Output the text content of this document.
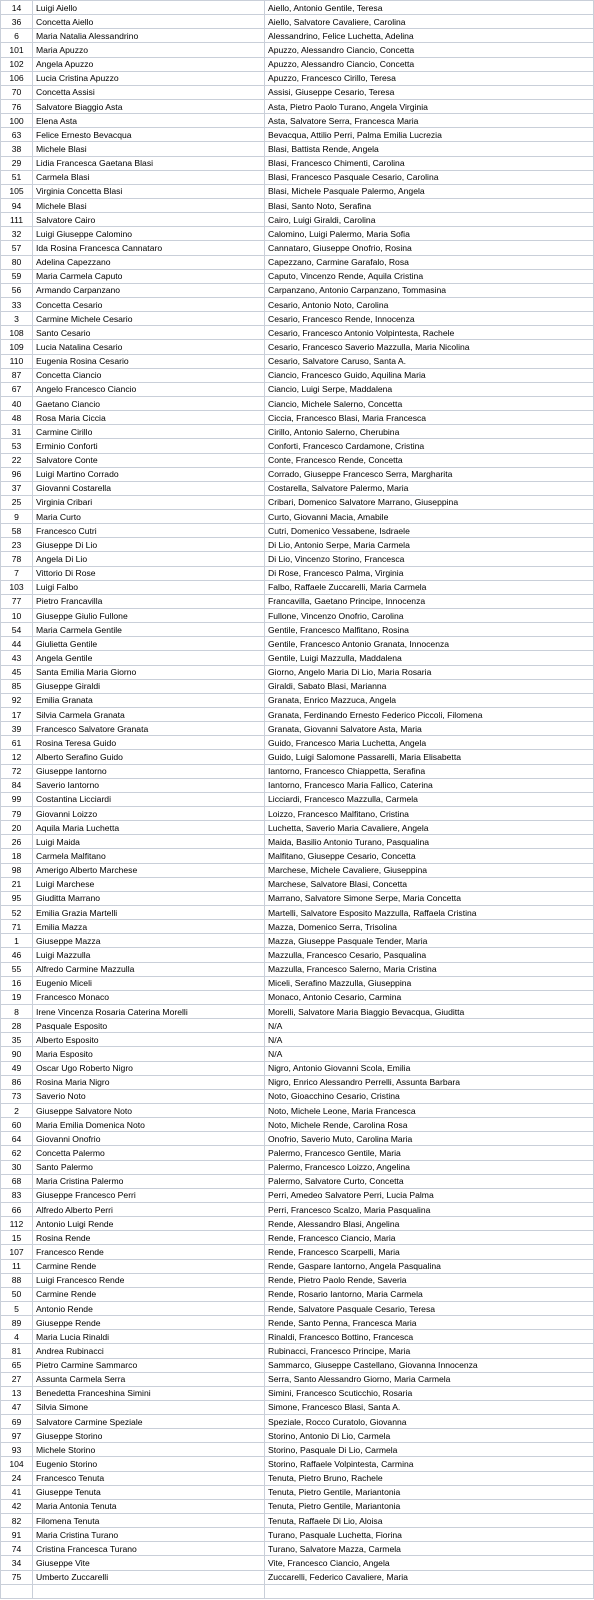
14	Luigi Aiello	Aiello, Antonio Gentile, Teresa
36	Concetta Aiello	Aiello, Salvatore Cavaliere, Carolina
6	Maria Natalia Alessandrino	Alessandrino, Felice Luchetta, Adelina
101	Maria Apuzzo	Apuzzo, Alessandro Ciancio, Concetta
102	Angela Apuzzo	Apuzzo, Alessandro Ciancio, Concetta
106	Lucia Cristina Apuzzo	Apuzzo, Francesco Cirillo, Teresa
70	Concetta Assisi	Assisi, Giuseppe Cesario, Teresa
76	Salvatore Biaggio Asta	Asta, Pietro Paolo Turano, Angela Virginia
100	Elena Asta	Asta, Salvatore Serra, Francesca Maria
63	Felice Ernesto Bevacqua	Bevacqua, Attilio Perri, Palma Emilia Lucrezia
38	Michele Blasi	Blasi, Battista Rende, Angela
29	Lidia Francesca Gaetana Blasi	Blasi, Francesco Chimenti, Carolina
51	Carmela Blasi	Blasi, Francesco Pasquale Cesario, Carolina
105	Virginia Concetta Blasi	Blasi, Michele Pasquale Palermo, Angela
94	Michele Blasi	Blasi, Santo Noto, Serafina
111	Salvatore Cairo	Cairo, Luigi Giraldi, Carolina
32	Luigi Giuseppe Calomino	Calomino, Luigi Palermo, Maria Sofia
57	Ida Rosina Francesca Cannataro	Cannataro, Giuseppe Onofrio, Rosina
80	Adelina Capezzano	Capezzano, Carmine Garafalo, Rosa
59	Maria Carmela Caputo	Caputo, Vincenzo Rende, Aquila Cristina
56	Armando Carpanzano	Carpanzano, Antonio Carpanzano, Tommasina
33	Concetta Cesario	Cesario, Antonio Noto, Carolina
3	Carmine Michele Cesario	Cesario, Francesco Rende, Innocenza
108	Santo Cesario	Cesario, Francesco Antonio Volpintesta, Rachele
109	Lucia Natalina Cesario	Cesario, Francesco Saverio Mazzulla, Maria Nicolina
110	Eugenia Rosina Cesario	Cesario, Salvatore Caruso, Santa A.
87	Concetta Ciancio	Ciancio, Francesco Guido, Aquilina Maria
67	Angelo Francesco Ciancio	Ciancio, Luigi Serpe, Maddalena
40	Gaetano Ciancio	Ciancio, Michele Salerno, Concetta
48	Rosa Maria Ciccia	Ciccia, Francesco Blasi, Maria Francesca
31	Carmine Cirillo	Cirillo, Antonio Salerno, Cherubina
53	Erminio Conforti	Conforti, Francesco Cardamone, Cristina
22	Salvatore Conte	Conte, Francesco Rende, Concetta
96	Luigi Martino Corrado	Corrado, Giuseppe Francesco Serra, Margharita
37	Giovanni Costarella	Costarella, Salvatore Palermo, Maria
25	Virginia Cribari	Cribari, Domenico Salvatore Marrano, Giuseppina
9	Maria Curto	Curto, Giovanni Macia, Amabile
58	Francesco Cutri	Cutri, Domenico Vessabene, Isdraele
23	Giuseppe Di Lio	Di Lio, Antonio Serpe, Maria Carmela
78	Angela Di Lio	Di Lio, Vincenzo Storino, Francesca
7	Vittorio Di Rose	Di Rose, Francesco Palma, Virginia
103	Luigi Falbo	Falbo, Raffaele Zuccarelli, Maria Carmela
77	Pietro Francavilla	Francavilla, Gaetano Principe, Innocenza
10	Giuseppe Giulio Fullone	Fullone, Vincenzo Onofrio, Carolina
54	Maria Carmela Gentile	Gentile, Francesco Malfitano, Rosina
44	Giulietta Gentile	Gentile, Francesco Antonio Granata, Innocenza
43	Angela Gentile	Gentile, Luigi Mazzulla, Maddalena
45	Santa Emilia Maria Giorno	Giorno, Angelo Maria Di Lio, Maria Rosaria
85	Giuseppe Giraldi	Giraldi, Sabato Blasi, Marianna
92	Emilia Granata	Granata, Enrico Mazzuca, Angela
17	Silvia Carmela Granata	Granata, Ferdinando Ernesto Federico Piccoli, Filomena
39	Francesco Salvatore Granata	Granata, Giovanni Salvatore Asta, Maria
61	Rosina Teresa Guido	Guido, Francesco Maria Luchetta, Angela
12	Alberto Serafino Guido	Guido, Luigi Salomone Passarelli, Maria Elisabetta
72	Giuseppe Iantorno	Iantorno, Francesco Chiappetta, Serafina
84	Saverio Iantorno	Iantorno, Francesco Maria Fallico, Caterina
99	Costantina Licciardi	Licciardi, Francesco Mazzulla, Carmela
79	Giovanni Loizzo	Loizzo, Francesco Malfitano, Cristina
20	Aquila Maria Luchetta	Luchetta, Saverio Maria Cavaliere, Angela
26	Luigi Maida	Maida, Basilio Antonio Turano, Pasqualina
18	Carmela Malfitano	Malfitano, Giuseppe Cesario, Concetta
98	Amerigo Alberto Marchese	Marchese, Michele Cavaliere, Giuseppina
21	Luigi Marchese	Marchese, Salvatore Blasi, Concetta
95	Giuditta Marrano	Marrano, Salvatore Simone Serpe, Maria Concetta
52	Emilia Grazia Martelli	Martelli, Salvatore Esposito Mazzulla, Raffaela Cristina
71	Emilia Mazza	Mazza, Domenico Serra, Trisolina
1	Giuseppe Mazza	Mazza, Giuseppe Pasquale Tender, Maria
46	Luigi Mazzulla	Mazzulla, Francesco Cesario, Pasqualina
55	Alfredo Carmine Mazzulla	Mazzulla, Francesco Salerno, Maria Cristina
16	Eugenio Miceli	Miceli, Serafino Mazzulla, Giuseppina
19	Francesco Monaco	Monaco, Antonio Cesario, Carmina
8	Irene Vincenza Rosaria Caterina Morelli	Morelli, Salvatore Maria Biaggio Bevacqua, Giuditta
28	Pasquale Esposito	N/A
35	Alberto Esposito	N/A
90	Maria Esposito	N/A
49	Oscar Ugo Roberto Nigro	Nigro, Antonio Giovanni Scola, Emilia
86	Rosina Maria Nigro	Nigro, Enrico Alessandro Perrelli, Assunta Barbara
73	Saverio Noto	Noto, Gioacchino Cesario, Cristina
2	Giuseppe Salvatore Noto	Noto, Michele Leone, Maria Francesca
60	Maria Emilia Domenica Noto	Noto, Michele Rende, Carolina Rosa
64	Giovanni Onofrio	Onofrio, Saverio Muto, Carolina Maria
62	Concetta Palermo	Palermo, Francesco Gentile, Maria
30	Santo Palermo	Palermo, Francesco Loizzo, Angelina
68	Maria Cristina Palermo	Palermo, Salvatore Curto, Concetta
83	Giuseppe Francesco Perri	Perri, Amedeo Salvatore Perri, Lucia Palma
66	Alfredo Alberto Perri	Perri, Francesco Scalzo, Maria Pasqualina
112	Antonio Luigi Rende	Rende, Alessandro Blasi, Angelina
15	Rosina Rende	Rende, Francesco Ciancio, Maria
107	Francesco Rende	Rende, Francesco Scarpelli, Maria
11	Carmine Rende	Rende, Gaspare Iantorno, Angela Pasqualina
88	Luigi Francesco Rende	Rende, Pietro Paolo Rende, Saveria
50	Carmine Rende	Rende, Rosario Iantorno, Maria Carmela
5	Antonio Rende	Rende, Salvatore Pasquale Cesario, Teresa
89	Giuseppe Rende	Rende, Santo Penna, Francesca Maria
4	Maria Lucia Rinaldi	Rinaldi, Francesco Bottino, Francesca
81	Andrea Rubinacci	Rubinacci, Francesco Principe, Maria
65	Pietro Carmine Sammarco	Sammarco, Giuseppe Castellano, Giovanna Innocenza
27	Assunta Carmela Serra	Serra, Santo Alessandro Giorno, Maria Carmela
13	Benedetta Franceshina Simini	Simini, Francesco Scuticchio, Rosaria
47	Silvia Simone	Simone, Francesco Blasi, Santa A.
69	Salvatore Carmine Speziale	Speziale, Rocco Curatolo, Giovanna
97	Giuseppe Storino	Storino, Antonio Di Lio, Carmela
93	Michele Storino	Storino, Pasquale Di Lio, Carmela
104	Eugenio Storino	Storino, Raffaele Volpintesta, Carmina
24	Francesco Tenuta	Tenuta, Pietro Bruno, Rachele
41	Giuseppe Tenuta	Tenuta, Pietro Gentile, Mariantonia
42	Maria Antonia Tenuta	Tenuta, Pietro Gentile, Mariantonia
82	Filomena Tenuta	Tenuta, Raffaele Di Lio, Aloisa
91	Maria Cristina Turano	Turano, Pasquale Luchetta, Fiorina
74	Cristina Francesca Turano	Turano, Salvatore Mazza, Carmela
34	Giuseppe Vite	Vite, Francesco Ciancio, Angela
75	Umberto Zuccarelli	Zuccarelli, Federico Cavaliere, Maria
